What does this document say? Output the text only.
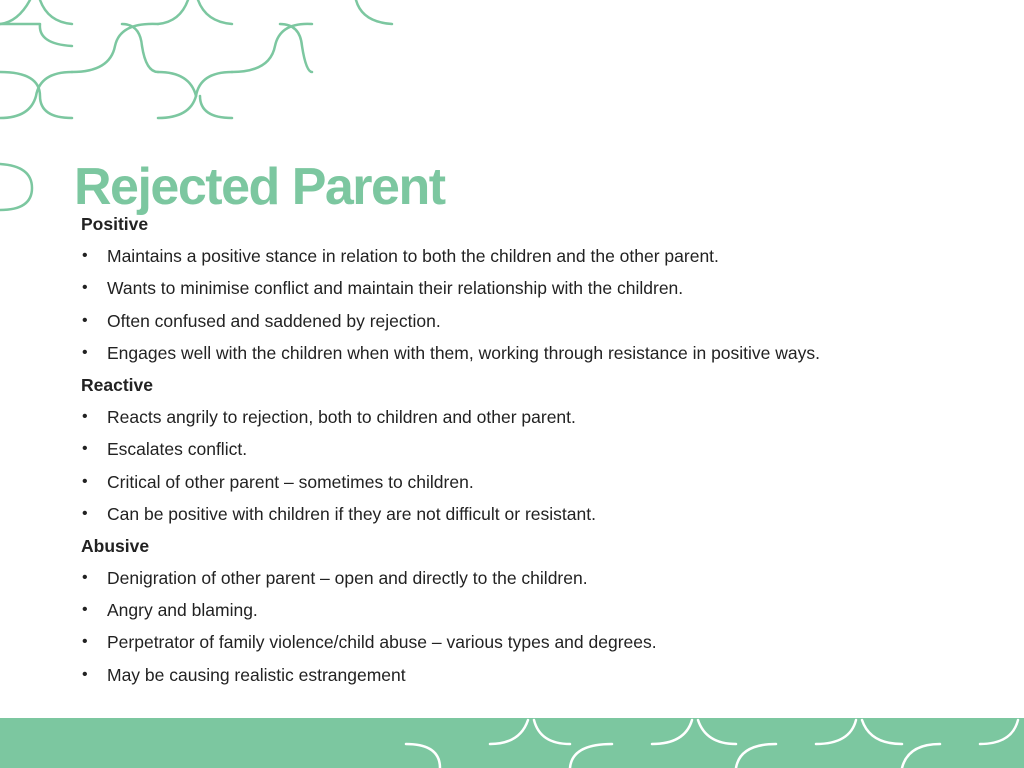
Rejected Parent
Positive
• Maintains a positive stance in relation to both the children and the other parent.
• Wants to minimise conflict and maintain their relationship with the children.
• Often confused and saddened by rejection.
• Engages well with the children when with them, working through resistance in positive ways.
Reactive
• Reacts angrily to rejection, both to children and other parent.
• Escalates conflict.
• Critical of other parent – sometimes to children.
• Can be positive with children if they are not difficult or resistant.
Abusive
• Denigration of other parent – open and directly to the children.
• Angry and blaming.
• Perpetrator of family violence/child abuse – various types and degrees.
• May be causing realistic estrangement
